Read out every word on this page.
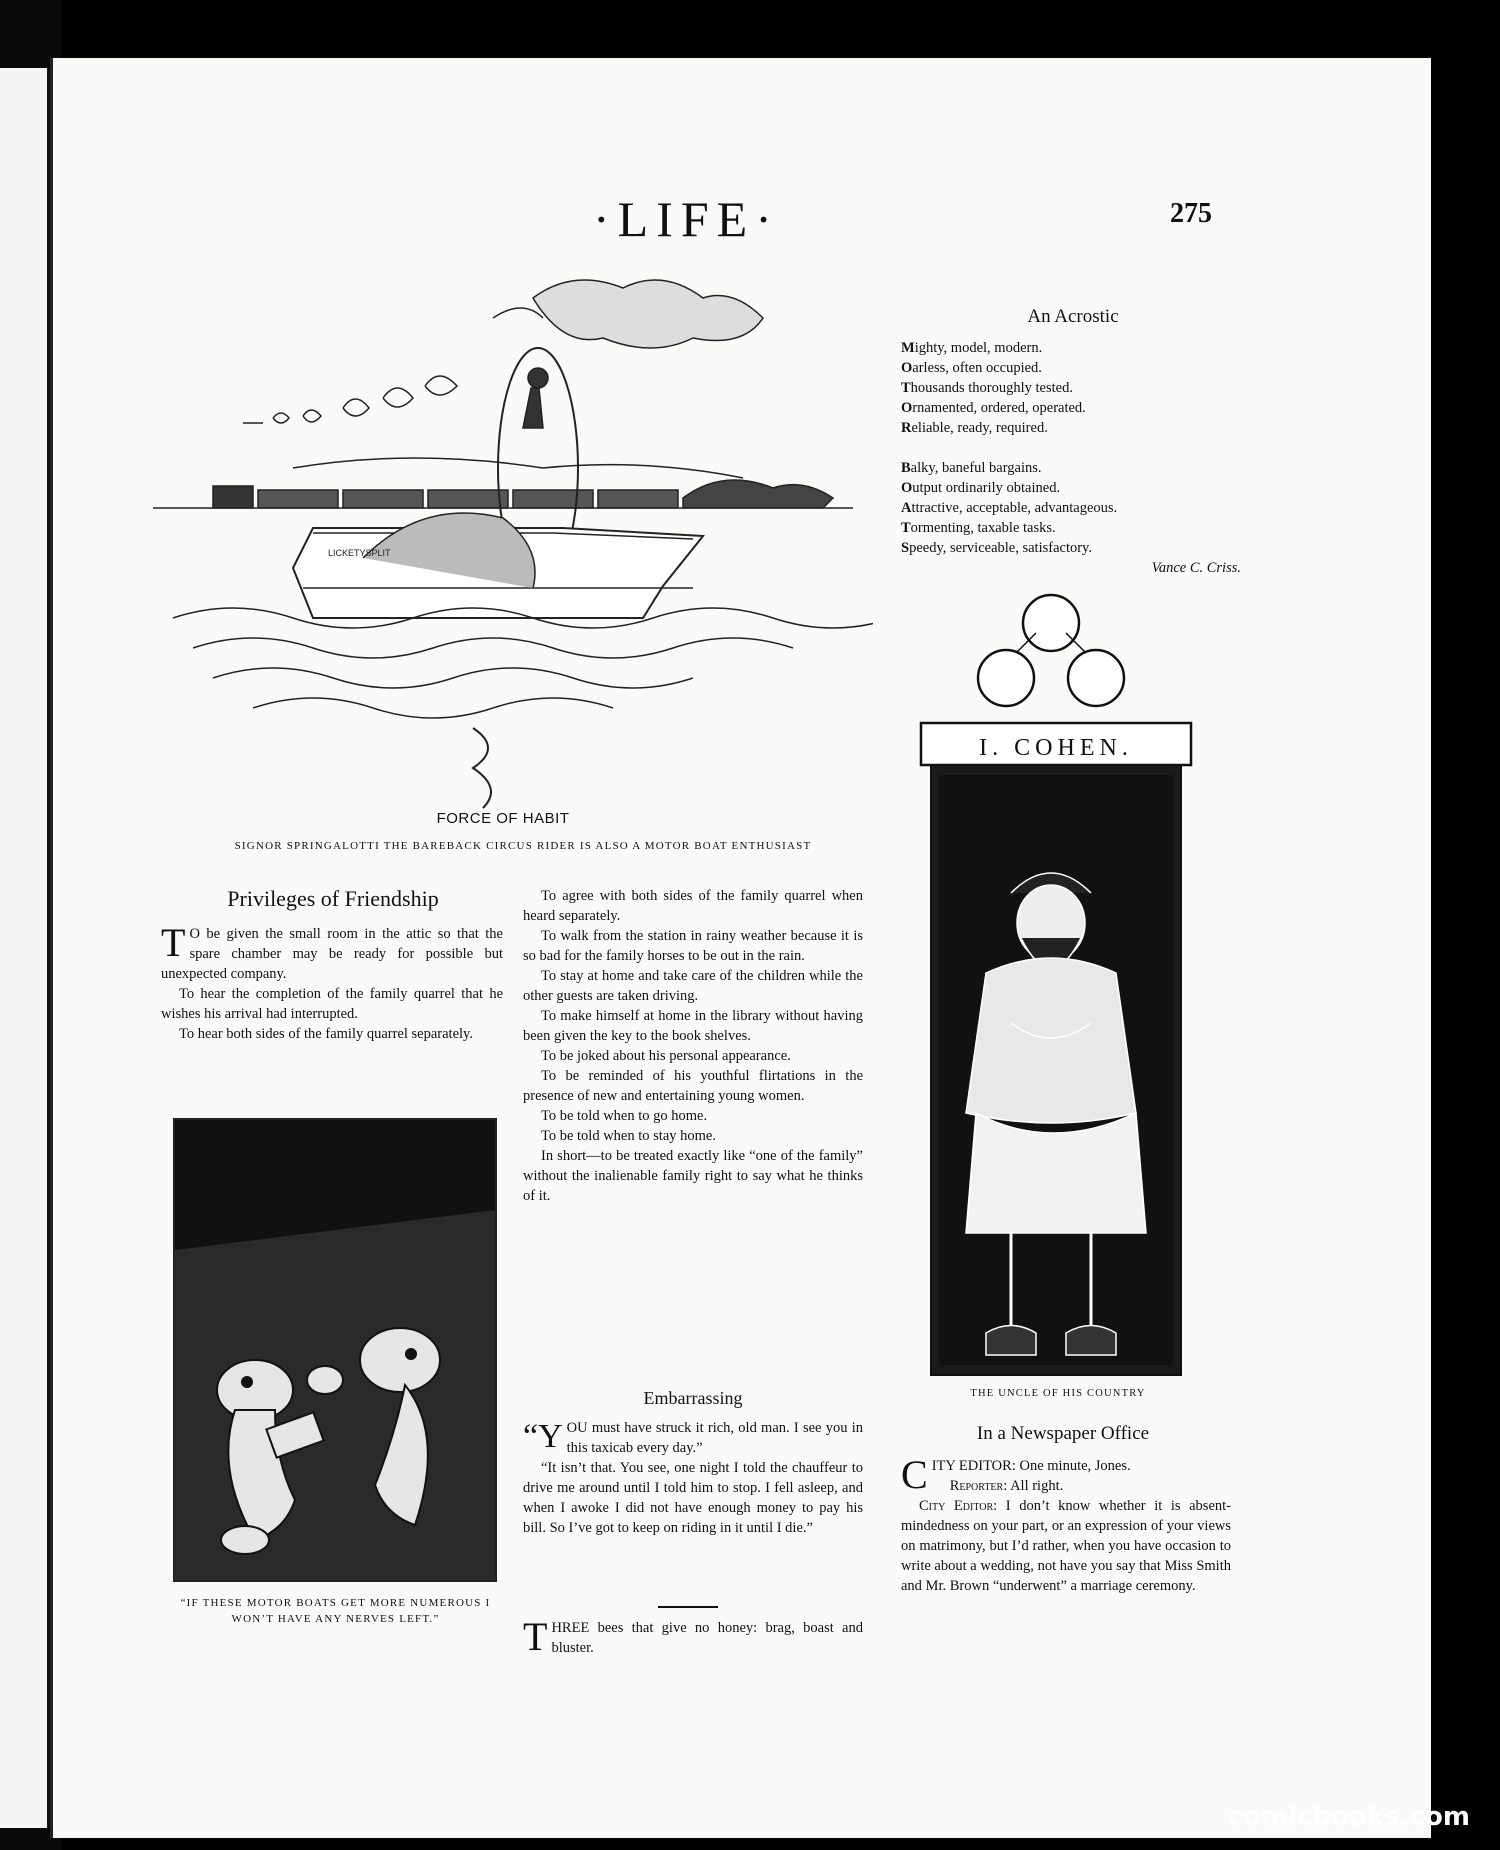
·LIFE·	275
LICKETYSPLIT
FORCE OF HABIT
SIGNOR SPRINGALOTTI THE BAREBACK CIRCUS RIDER IS ALSO A MOTOR BOAT ENTHUSIAST
An Acrostic
Mighty, model, modern.
Oarless, often occupied.
Thousands thoroughly tested.
Ornamented, ordered, operated.
Reliable, ready, required.
Balky, baneful bargains.
Output ordinarily obtained.
Attractive, acceptable, advantageous.
Tormenting, taxable tasks.
Speedy, serviceable, satisfactory.
Vance C. Criss.
I. COHEN.
THE UNCLE OF HIS COUNTRY
Privileges of Friendship

T O be given the small room in the attic so that the spare chamber may be ready for possible but unexpected company.

To hear the completion of the family quarrel that he wishes his arrival had interrupted.

To hear both sides of the family quarrel separately.

“IF THESE MOTOR BOATS GET MORE NUMEROUS I WON’T HAVE ANY NERVES LEFT.”

To agree with both sides of the family quarrel when heard separately.

To walk from the station in rainy weather because it is so bad for the family horses to be out in the rain.

To stay at home and take care of the children while the other guests are taken driving.

To make himself at home in the library without having been given the key to the book shelves.

To be joked about his personal appearance.

To be reminded of his youthful flirtations in the presence of new and entertaining young women.

To be told when to go home.

To be told when to stay home.

In short—to be treated exactly like “one of the family” without the inalienable family right to say what he thinks of it.

Embarrassing

“YOU must have struck it rich, old man. I see you in this taxicab every day.”

“It isn’t that. You see, one night I told the chauffeur to drive me around until I told him to stop. I fell asleep, and when I awoke I did not have enough money to pay his bill. So I’ve got to keep on riding in it until I die.”

THREE bees that give no honey: brag, boast and bluster.

In a Newspaper Office

CITY EDITOR: One minute, Jones.

Reporter: All right.

City Editor: I don’t know whether it is absent-mindedness on your part, or an expression of your views on matrimony, but I’d rather, when you have occasion to write about a wedding, not have you say that Miss Smith and Mr. Brown “underwent” a marriage ceremony.

comicbooks.com
